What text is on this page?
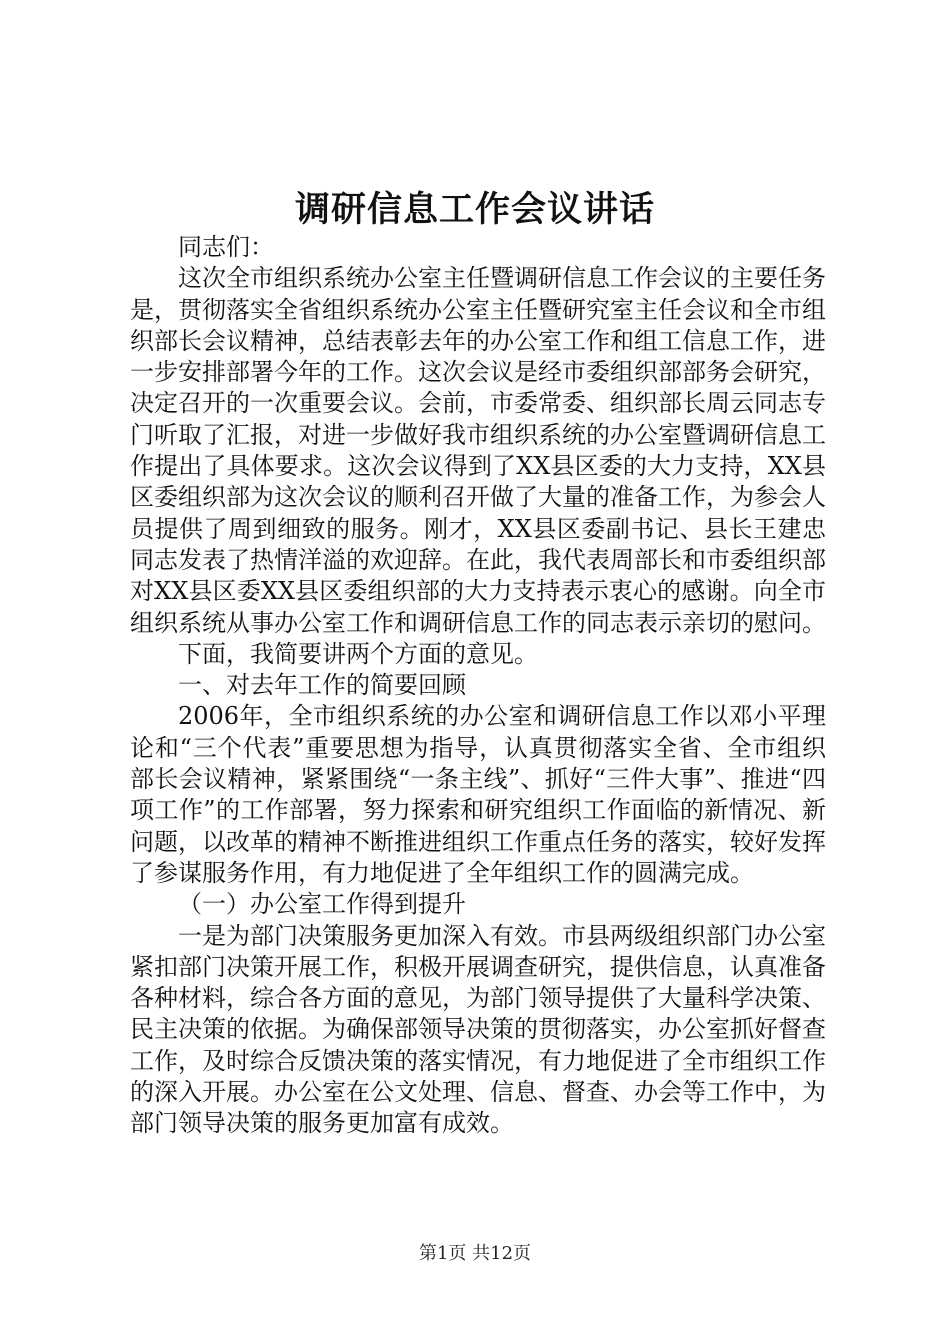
调研信息工作会议讲话

同志们：

这次全市组织系统办公室主任暨调研信息工作会议的主要任务是，贯彻落实全省组织系统办公室主任暨研究室主任会议和全市组织部长会议精神，总结表彰去年的办公室工作和组工信息工作，进一步安排部署今年的工作。这次会议是经市委组织部部务会研究，决定召开的一次重要会议。会前，市委常委、组织部长周云同志专门听取了汇报，对进一步做好我市组织系统的办公室暨调研信息工作提出了具体要求。这次会议得到了XX县区委的大力支持，XX县区委组织部为这次会议的顺利召开做了大量的准备工作，为参会人员提供了周到细致的服务。刚才，XX县区委副书记、县长王建忠同志发表了热情洋溢的欢迎辞。在此，我代表周部长和市委组织部对XX县区委XX县区委组织部的大力支持表示衷心的感谢。向全市组织系统从事办公室工作和调研信息工作的同志表示亲切的慰问。

下面，我简要讲两个方面的意见。

一、对去年工作的简要回顾

2006年，全市组织系统的办公室和调研信息工作以邓小平理论和“三个代表”重要思想为指导，认真贯彻落实全省、全市组织部长会议精神，紧紧围绕“一条主线”、抓好“三件大事”、推进“四项工作”的工作部署，努力探索和研究组织工作面临的新情况、新问题，以改革的精神不断推进组织工作重点任务的落实，较好发挥了参谋服务作用，有力地促进了全年组织工作的圆满完成。

（一）办公室工作得到提升

一是为部门决策服务更加深入有效。市县两级组织部门办公室紧扣部门决策开展工作，积极开展调查研究，提供信息，认真准备各种材料，综合各方面的意见，为部门领导提供了大量科学决策、民主决策的依据。为确保部领导决策的贯彻落实，办公室抓好督查工作，及时综合反馈决策的落实情况，有力地促进了全市组织工作的深入开展。办公室在公文处理、信息、督查、办会等工作中，为部门领导决策的服务更加富有成效。

第1页 共12页
